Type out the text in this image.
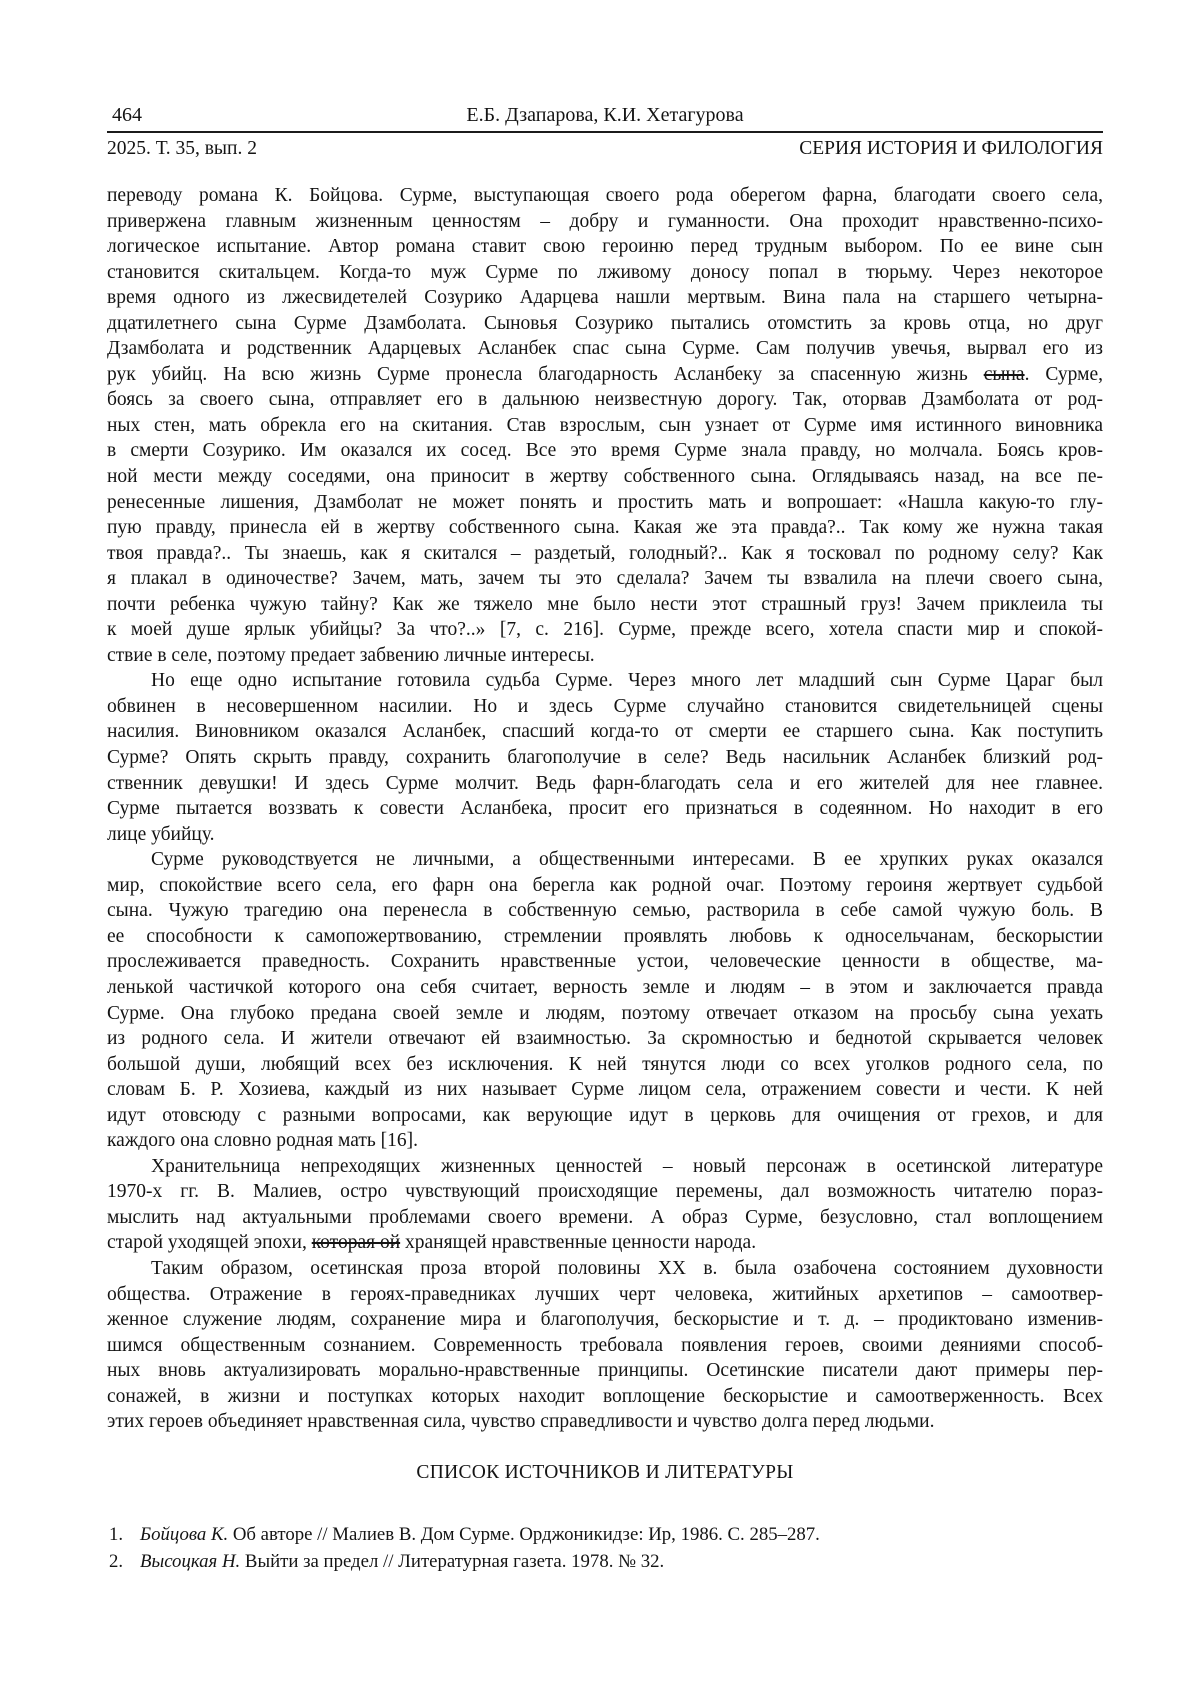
464	Е.Б. Дзапарова, К.И. Хетагурова
2025. Т. 35, вып. 2	СЕРИЯ ИСТОРИЯ И ФИЛОЛОГИЯ
переводу романа К. Бойцова. Сурме, выступающая своего рода оберегом фарна, благодати своего села,
привержена главным жизненным ценностям – добру и гуманности. Она проходит нравственно-психо-
логическое испытание. Автор романа ставит свою героиню перед трудным выбором. По ее вине сын
становится скитальцем. Когда-то муж Сурме по лживому доносу попал в тюрьму. Через некоторое
время одного из лжесвидетелей Созурико Адарцева нашли мертвым. Вина пала на старшего четырна-
дцатилетнего сына Сурме Дзамболата. Сыновья Созурико пытались отомстить за кровь отца, но друг
Дзамболата и родственник Адарцевых Асланбек спас сына Сурме. Сам получив увечья, вырвал его из
рук убийц. На всю жизнь Сурме пронесла благодарность Асланбеку за спасенную жизнь сына. Сурме,
боясь за своего сына, отправляет его в дальнюю неизвестную дорогу. Так, оторвав Дзамболата от род-
ных стен, мать обрекла его на скитания. Став взрослым, сын узнает от Сурме имя истинного виновника
в смерти Созурико. Им оказался их сосед. Все это время Сурме знала правду, но молчала. Боясь кров-
ной мести между соседями, она приносит в жертву собственного сына. Оглядываясь назад, на все пе-
ренесенные лишения, Дзамболат не может понять и простить мать и вопрошает: «Нашла какую-то глу-
пую правду, принесла ей в жертву собственного сына. Какая же эта правда?.. Так кому же нужна такая
твоя правда?.. Ты знаешь, как я скитался – раздетый, голодный?.. Как я тосковал по родному селу? Как
я плакал в одиночестве? Зачем, мать, зачем ты это сделала? Зачем ты взвалила на плечи своего сына,
почти ребенка чужую тайну? Как же тяжело мне было нести этот страшный груз! Зачем приклеила ты
к моей душе ярлык убийцы? За что?..» [7, с. 216]. Сурме, прежде всего, хотела спасти мир и спокой-
ствие в селе, поэтому предает забвению личные интересы.
Но еще одно испытание готовила судьба Сурме. Через много лет младший сын Сурме Цараг был
обвинен в несовершенном насилии. Но и здесь Сурме случайно становится свидетельницей сцены
насилия. Виновником оказался Асланбек, спасший когда-то от смерти ее старшего сына. Как поступить
Сурме? Опять скрыть правду, сохранить благополучие в селе? Ведь насильник Асланбек близкий род-
ственник девушки! И здесь Сурме молчит. Ведь фарн-благодать села и его жителей для нее главнее.
Сурме пытается воззвать к совести Асланбека, просит его признаться в содеянном. Но находит в его
лице убийцу.
Сурме руководствуется не личными, а общественными интересами. В ее хрупких руках оказался
мир, спокойствие всего села, его фарн она берегла как родной очаг. Поэтому героиня жертвует судьбой
сына. Чужую трагедию она перенесла в собственную семью, растворила в себе самой чужую боль. В
ее способности к самопожертвованию, стремлении проявлять любовь к односельчанам, бескорыстии
прослеживается праведность. Сохранить нравственные устои, человеческие ценности в обществе, ма-
ленькой частичкой которого она себя считает, верность земле и людям – в этом и заключается правда
Сурме. Она глубоко предана своей земле и людям, поэтому отвечает отказом на просьбу сына уехать
из родного села. И жители отвечают ей взаимностью. За скромностью и беднотой скрывается человек
большой души, любящий всех без исключения. К ней тянутся люди со всех уголков родного села, по
словам Б. Р. Хозиева, каждый из них называет Сурме лицом села, отражением совести и чести. К ней
идут отовсюду с разными вопросами, как верующие идут в церковь для очищения от грехов, и для
каждого она словно родная мать [16].
Хранительница непреходящих жизненных ценностей – новый персонаж в осетинской литературе
1970-х гг. В. Малиев, остро чувствующий происходящие перемены, дал возможность читателю пораз-
мыслить над актуальными проблемами своего времени. А образ Сурме, безусловно, стал воплощением
старой уходящей эпохи, которая ой хранящей нравственные ценности народа.
Таким образом, осетинская проза второй половины XX в. была озабочена состоянием духовности
общества. Отражение в героях-праведниках лучших черт человека, житийных архетипов – самоотвер-
женное служение людям, сохранение мира и благополучия, бескорыстие и т. д. – продиктовано изменив-
шимся общественным сознанием. Современность требовала появления героев, своими деяниями способ-
ных вновь актуализировать морально-нравственные принципы. Осетинские писатели дают примеры пер-
сонажей, в жизни и поступках которых находит воплощение бескорыстие и самоотверженность. Всех
этих героев объединяет нравственная сила, чувство справедливости и чувство долга перед людьми.
СПИСОК ИСТОЧНИКОВ И ЛИТЕРАТУРЫ
1. Бойцова К. Об авторе // Малиев В. Дом Сурме. Орджоникидзе: Ир, 1986. С. 285–287.
2. Высоцкая Н. Выйти за предел // Литературная газета. 1978. № 32.
